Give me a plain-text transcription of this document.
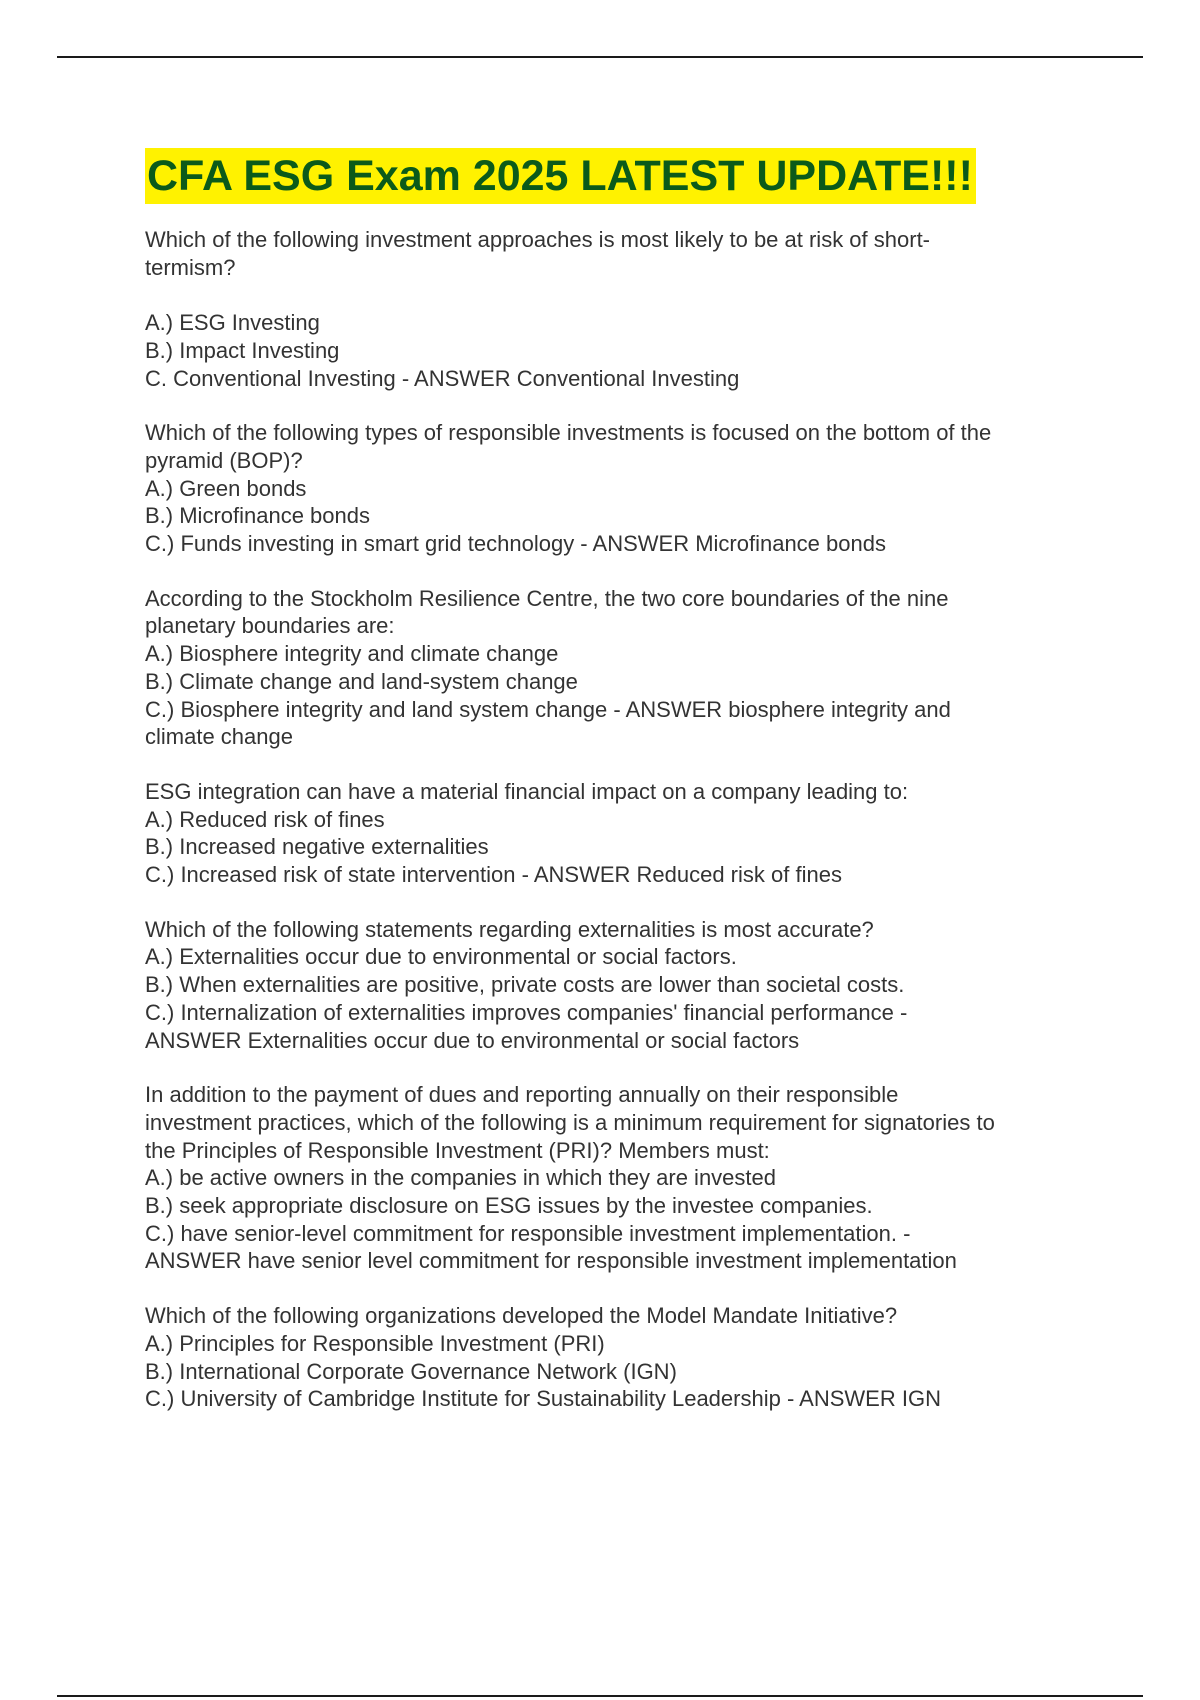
CFA ESG Exam 2025 LATEST UPDATE!!!

Which of the following investment approaches is most likely to be at risk of short-

termism?

A.) ESG Investing

B.) Impact Investing

C. Conventional Investing - ANSWER Conventional Investing

Which of the following types of responsible investments is focused on the bottom of the

pyramid (BOP)?

A.) Green bonds

B.) Microfinance bonds

C.) Funds investing in smart grid technology - ANSWER Microfinance bonds

According to the Stockholm Resilience Centre, the two core boundaries of the nine

planetary boundaries are:

A.) Biosphere integrity and climate change

B.) Climate change and land-system change

C.) Biosphere integrity and land system change - ANSWER biosphere integrity and

climate change

ESG integration can have a material financial impact on a company leading to:

A.) Reduced risk of fines

B.) Increased negative externalities

C.) Increased risk of state intervention - ANSWER Reduced risk of fines

Which of the following statements regarding externalities is most accurate?

A.) Externalities occur due to environmental or social factors.

B.) When externalities are positive, private costs are lower than societal costs.

C.) Internalization of externalities improves companies' financial performance -

ANSWER Externalities occur due to environmental or social factors

In addition to the payment of dues and reporting annually on their responsible

investment practices, which of the following is a minimum requirement for signatories to

the Principles of Responsible Investment (PRI)? Members must:

A.) be active owners in the companies in which they are invested

B.) seek appropriate disclosure on ESG issues by the investee companies.

C.) have senior-level commitment for responsible investment implementation. -

ANSWER have senior level commitment for responsible investment implementation

Which of the following organizations developed the Model Mandate Initiative?

A.) Principles for Responsible Investment (PRI)

B.) International Corporate Governance Network (IGN)

C.) University of Cambridge Institute for Sustainability Leadership - ANSWER IGN
